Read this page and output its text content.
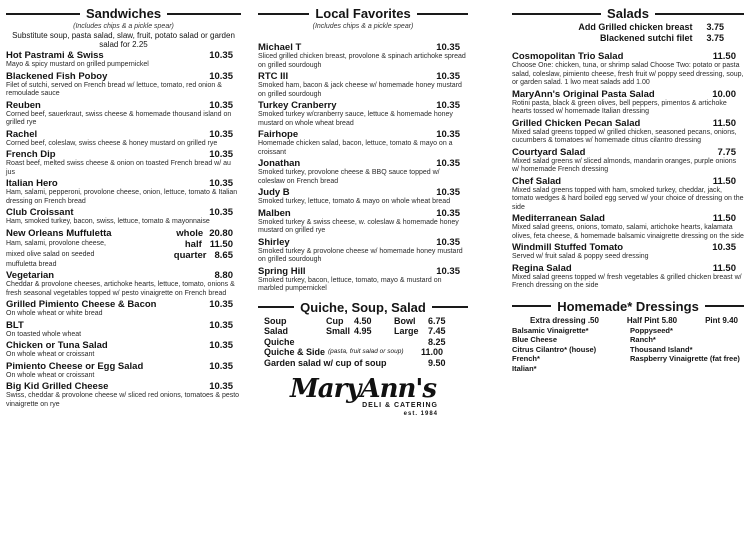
Sandwiches
(Includes chips & a pickle spear)
Substitute soup, pasta salad, slaw, fruit, potato salad or garden salad for 2.25
Hot Pastrami & Swiss	10.35
Mayo & spicy mustard on grilled pumpernickel
Blackened Fish Poboy	10.35
Filet of sutchi, served on French bread w/ lettuce, tomato, red onion & remoulade sauce
Reuben	10.35
Corned beef, sauerkraut, swiss cheese & homemade thousand island on grilled rye
Rachel	10.35
Corned beef, coleslaw, swiss cheese & honey mustard on grilled rye
French Dip	10.35
Roast beef, melted swiss cheese & onion on toasted French bread w/ au jus
Italian Hero	10.35
Ham, salami, pepperoni, provolone cheese, onion, lettuce, tomato & Italian dressing on French bread
Club Croissant	10.35
Ham, smoked turkey, bacon, swiss, lettuce, tomato & mayonnaise
New Orleans Muffuletta	whole 20.80
Ham, salami, provolone cheese,	half 11.50
mixed olive salad on seeded	quarter 8.65
muffuletta bread
Vegetarian	8.80
Cheddar & provolone cheeses, artichoke hearts, lettuce, tomato, onions & fresh seasonal vegetables topped w/ pesto vinaigrette on French bread
Grilled Pimiento Cheese & Bacon	10.35
On whole wheat or white bread
BLT	10.35
On toasted whole wheat
Chicken or Tuna Salad	10.35
On whole wheat or croissant
Pimiento Cheese or Egg Salad	10.35
On whole wheat or croissant
Big Kid Grilled Cheese	10.35
Swiss, cheddar & provolone cheese w/ sliced red onions, tomatoes & pesto vinaigrette on rye
Local Favorites
(Includes chips & a pickle spear)
Michael T	10.35
Sliced grilled chicken breast, provolone & spinach artichoke spread on grilled sourdough
RTC III	10.35
Smoked ham, bacon & jack cheese w/ homemade honey mustard on grilled sourdough
Turkey Cranberry	10.35
Smoked turkey w/cranberry sauce, lettuce & homemade honey mustard on whole wheat bread
Fairhope	10.35
Homemade chicken salad, bacon, lettuce, tomato & mayo on a croissant
Jonathan	10.35
Smoked turkey, provolone cheese & BBQ sauce topped w/ coleslaw on French bread
Judy B	10.35
Smoked turkey, lettuce, tomato & mayo on whole wheat bread
Malben	10.35
Smoked turkey & swiss cheese, w. coleslaw & homemade honey mustard on grilled rye
Shirley	10.35
Smoked turkey & provolone cheese w/ homemade honey mustard on grilled sourdough
Spring Hill	10.35
Smoked turkey, bacon, lettuce, tomato, mayo & mustard on marbled pumpernickel
Quiche, Soup, Salad
Soup	Cup	4.50	Bowl	6.75
Salad	Small 4.95	Large	7.45
Quiche	8.25
Quiche & Side (pasta, fruit salad or soup)	11.00
Garden salad w/ cup of soup	9.50
MaryAnn's
DELI & CATERING
est. 1984
Salads
Add Grilled chicken breast 3.75
Blackened sutchi filet 3.75
Cosmopolitan Trio Salad	11.50
Choose One: chicken, tuna, or shrimp salad Choose Two: potato or pasta salad, coleslaw, pimiento cheese, fresh fruit w/ poppy seed dressing, soup, or garden salad. 1 lwo meat salads add 1.00
MaryAnn's Original Pasta Salad	10.00
Rotini pasta, black & green olives, bell peppers, pimentos & artichoke hearts tossed w/ homemade Italian dressing
Grilled Chicken Pecan Salad	11.50
Mixed salad greens topped w/ grilled chicken, seasoned pecans, onions, cucumbers & tomatoes w/ homemade citrus cilantro dressing
Courtyard Salad	7.75
Mixed salad greens w/ sliced almonds, mandarin oranges, purple onions w/ homemade French dressing
Chef Salad	11.50
Mixed salad greens topped with ham, smoked turkey, cheddar, jack, tomato wedges & hard boiled egg served w/ your choice of dressing on the side
Mediterranean Salad	11.50
Mixed salad greens, onions, tomato, salami, artichoke hearts, kalamata olives, feta cheese, & homemade balsamic vinaigrette dressing on the side
Windmill Stuffed Tomato	10.35
Served w/ fruit salad & poppy seed dressing
Regina Salad	11.50
Mixed salad greens topped w/ fresh vegetables & grilled chicken breast w/ French dressing on the side
Homemade* Dressings
Extra dressing .50	Half Pint 5.80	Pint 9.40
Balsamic Vinaigrette*
Blue Cheese
Citrus Cilantro* (house)
French*
Italian*
Poppyseed*
Ranch*
Thousand Island*
Raspberry Vinaigrette (fat free)
